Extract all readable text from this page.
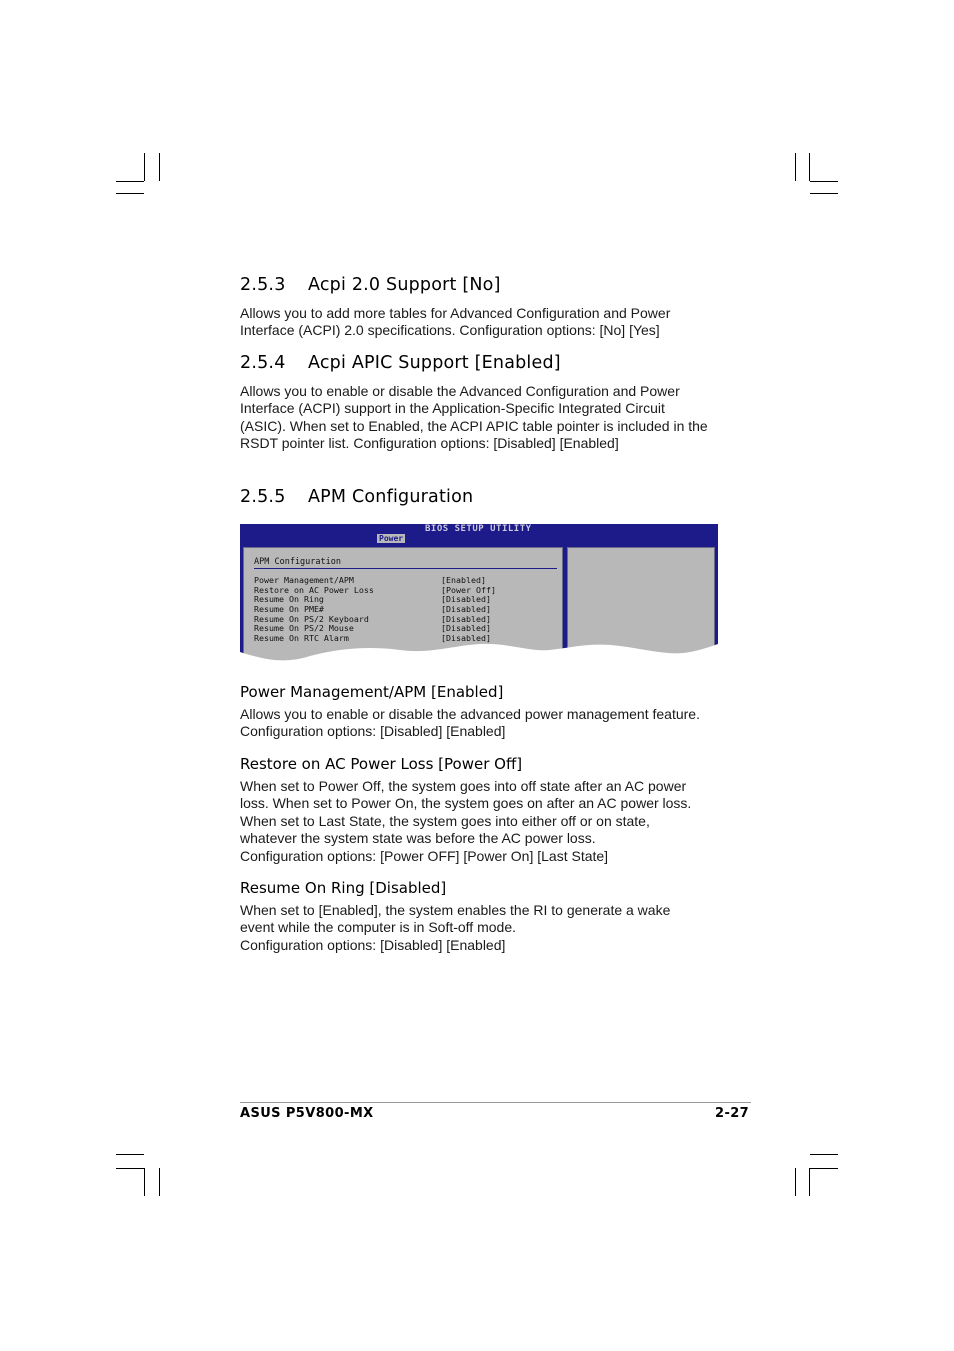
2.5.3 Acpi 2.0 Support [No]

Allows you to add more tables for Advanced Configuration and Power
Interface (ACPI) 2.0 specifications. Configuration options: [No] [Yes]

2.5.4 Acpi APIC Support [Enabled]

Allows you to enable or disable the Advanced Configuration and Power
Interface (ACPI) support in the Application-Specific Integrated Circuit
(ASIC). When set to Enabled, the ACPI APIC table pointer is included in the
RSDT pointer list. Configuration options: [Disabled] [Enabled]

2.5.5 APM Configuration
BIOS SETUP UTILITY
Power
APM Configuration
Power Management/APM	[Enabled]
Restore on AC Power Loss	[Power Off]
Resume On Ring	[Disabled]
Resume On PME#	[Disabled]
Resume On PS/2 Keyboard	[Disabled]
Resume On PS/2 Mouse	[Disabled]
Resume On RTC Alarm	[Disabled]
Power Management/APM [Enabled]

Allows you to enable or disable the advanced power management feature.
Configuration options: [Disabled] [Enabled]

Restore on AC Power Loss [Power Off]

When set to Power Off, the system goes into off state after an AC power
loss. When set to Power On, the system goes on after an AC power loss.
When set to Last State, the system goes into either off or on state,
whatever the system state was before the AC power loss.
Configuration options: [Power OFF] [Power On] [Last State]

Resume On Ring [Disabled]

When set to [Enabled], the system enables the RI to generate a wake
event while the computer is in Soft-off mode.
Configuration options: [Disabled] [Enabled]

ASUS P5V800-MX	2-27
